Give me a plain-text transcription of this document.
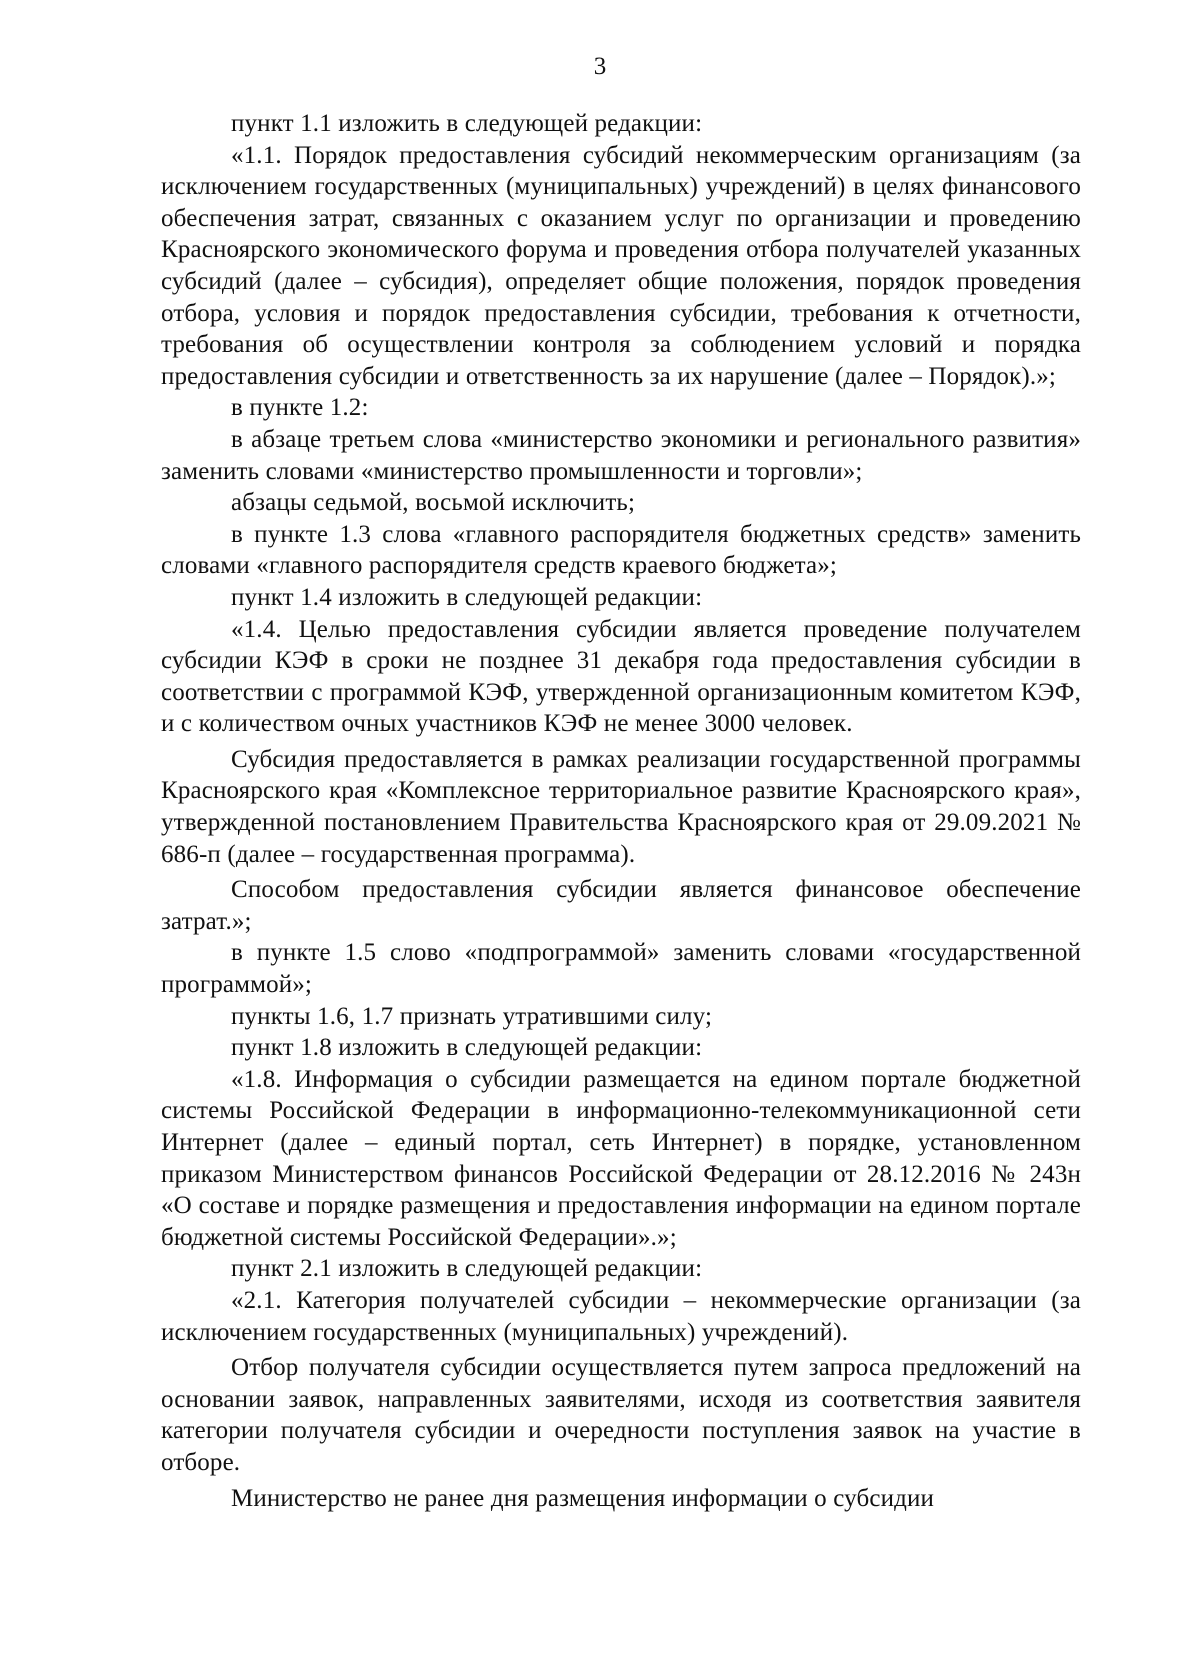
3

пункт 1.1 изложить в следующей редакции:

«1.1. Порядок предоставления субсидий некоммерческим организациям (за исключением государственных (муниципальных) учреждений) в целях финансового обеспечения затрат, связанных с оказанием услуг по организации и проведению Красноярского экономического форума и проведения отбора получателей указанных субсидий (далее – субсидия), определяет общие положения, порядок проведения отбора, условия и порядок предоставления субсидии, требования к отчетности, требования об осуществлении контроля за соблюдением условий и порядка предоставления субсидии и ответственность за их нарушение (далее – Порядок).»;

в пункте 1.2:

в абзаце третьем слова «министерство экономики и регионального развития» заменить словами «министерство промышленности и торговли»;

абзацы седьмой, восьмой исключить;

в пункте 1.3 слова «главного распорядителя бюджетных средств» заменить словами «главного распорядителя средств краевого бюджета»;

пункт 1.4 изложить в следующей редакции:

«1.4. Целью предоставления субсидии является проведение получателем субсидии КЭФ в сроки не позднее 31 декабря года предоставления субсидии в соответствии с программой КЭФ, утвержденной организационным комитетом КЭФ, и с количеством очных участников КЭФ не менее 3000 человек.

Субсидия предоставляется в рамках реализации государственной программы Красноярского края «Комплексное территориальное развитие Красноярского края», утвержденной постановлением Правительства Красноярского края от 29.09.2021 № 686-п (далее – государственная программа).

Способом предоставления субсидии является финансовое обеспечение затрат.»;

в пункте 1.5 слово «подпрограммой» заменить словами «государственной программой»;

пункты 1.6, 1.7 признать утратившими силу;

пункт 1.8 изложить в следующей редакции:

«1.8. Информация о субсидии размещается на едином портале бюджетной системы Российской Федерации в информационно-телекоммуникационной сети Интернет (далее – единый портал, сеть Интернет) в порядке, установленном приказом Министерством финансов Российской Федерации от 28.12.2016 № 243н «О составе и порядке размещения и предоставления информации на едином портале бюджетной системы Российской Федерации».»;

пункт 2.1 изложить в следующей редакции:

«2.1. Категория получателей субсидии – некоммерческие организации (за исключением государственных (муниципальных) учреждений).

Отбор получателя субсидии осуществляется путем запроса предложений на основании заявок, направленных заявителями, исходя из соответствия заявителя категории получателя субсидии и очередности поступления заявок на участие в отборе.

Министерство не ранее дня размещения информации о субсидии
